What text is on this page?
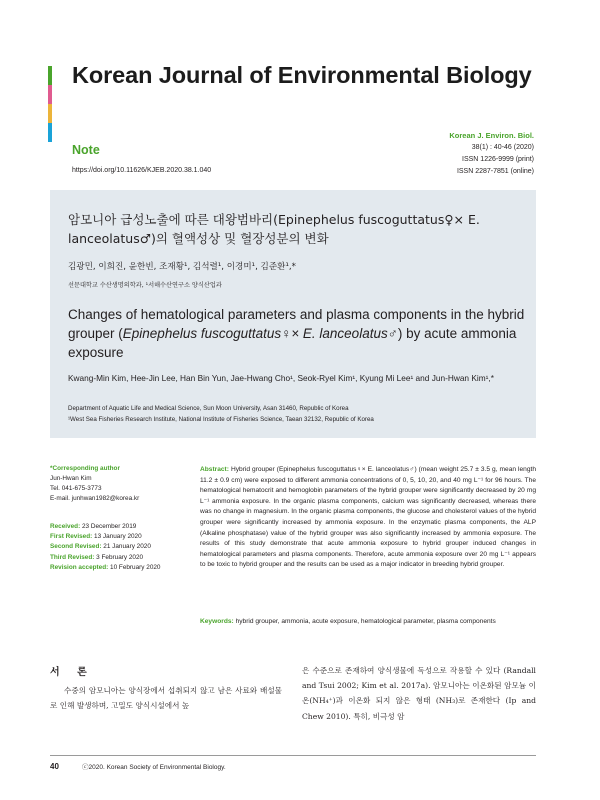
Korean Journal of Environmental Biology
Note
https://doi.org/10.11626/KJEB.2020.38.1.040
Korean J. Environ. Biol.
38(1) : 40-46 (2020)
ISSN 1226-9999 (print)
ISSN 2287-7851 (online)
암모니아 급성노출에 따른 대왕범바리(Epinephelus fuscoguttatus♀× E. lanceolatus♂)의 혈액성상 및 혈장성분의 변화
김광민, 이희진, 윤한빈, 조재황¹, 김석렬¹, 이경미¹, 김준환¹,*
선문대학교 수산생명의학과, ¹서해수산연구소 양식산업과
Changes of hematological parameters and plasma components in the hybrid grouper (Epinephelus fuscoguttatus♀× E. lanceolatus♂) by acute ammonia exposure
Kwang-Min Kim, Hee-Jin Lee, Han Bin Yun, Jae-Hwang Cho¹, Seok-Ryel Kim¹, Kyung Mi Lee¹ and Jun-Hwan Kim¹,*
Department of Aquatic Life and Medical Science, Sun Moon University, Asan 31460, Republic of Korea
¹West Sea Fisheries Research Institute, National Institute of Fisheries Science, Taean 32132, Republic of Korea
*Corresponding author
Jun-Hwan Kim
Tel. 041-675-3773
E-mail. junhwan1982@korea.kr
Received: 23 December 2019
First Revised: 13 January 2020
Second Revised: 21 January 2020
Third Revised: 3 February 2020
Revision accepted: 10 February 2020
Abstract: Hybrid grouper (Epinephelus fuscoguttatus♀× E. lanceolatus♂) (mean weight 25.7 ± 3.5 g, mean length 11.2 ± 0.9 cm) were exposed to different ammonia concentrations of 0, 5, 10, 20, and 40 mg L⁻¹ for 96 hours. The hematological hematocrit and hemoglobin parameters of the hybrid grouper were significantly decreased by 20 mg L⁻¹ ammonia exposure. In the organic plasma components, calcium was significantly decreased, whereas there was no change in magnesium. In the organic plasma components, the glucose and cholesterol values of the hybrid grouper were significantly increased by ammonia exposure. In the enzymatic plasma components, the ALP (Alkaline phosphatase) value of the hybrid grouper was also significantly increased by ammonia exposure. The results of this study demonstrate that acute ammonia exposure to hybrid grouper induced changes in hematological parameters and plasma components. Therefore, acute ammonia exposure over 20 mg L⁻¹ appears to be toxic to hybrid grouper and the results can be used as a major indicator in breeding hybrid grouper.
Keywords: hybrid grouper, ammonia, acute exposure, hematological parameter, plasma components
서 론
수중의 암모니아는 양식장에서 섭취되지 않고 남은 사료와 배설물로 인해 발생하며, 고밀도 양식시설에서 높
은 수준으로 존재하여 양식생물에 독성으로 작용할 수 있다 (Randall and Tsui 2002; Kim et al. 2017a). 암모니아는 이온화된 암모늄 이온(NH₄⁺)과 이온화 되지 않은 형태 (NH₃)로 존재한다 (Ip and Chew 2010). 특히, 비극성 암
40	ⓒ2020. Korean Society of Environmental Biology.
